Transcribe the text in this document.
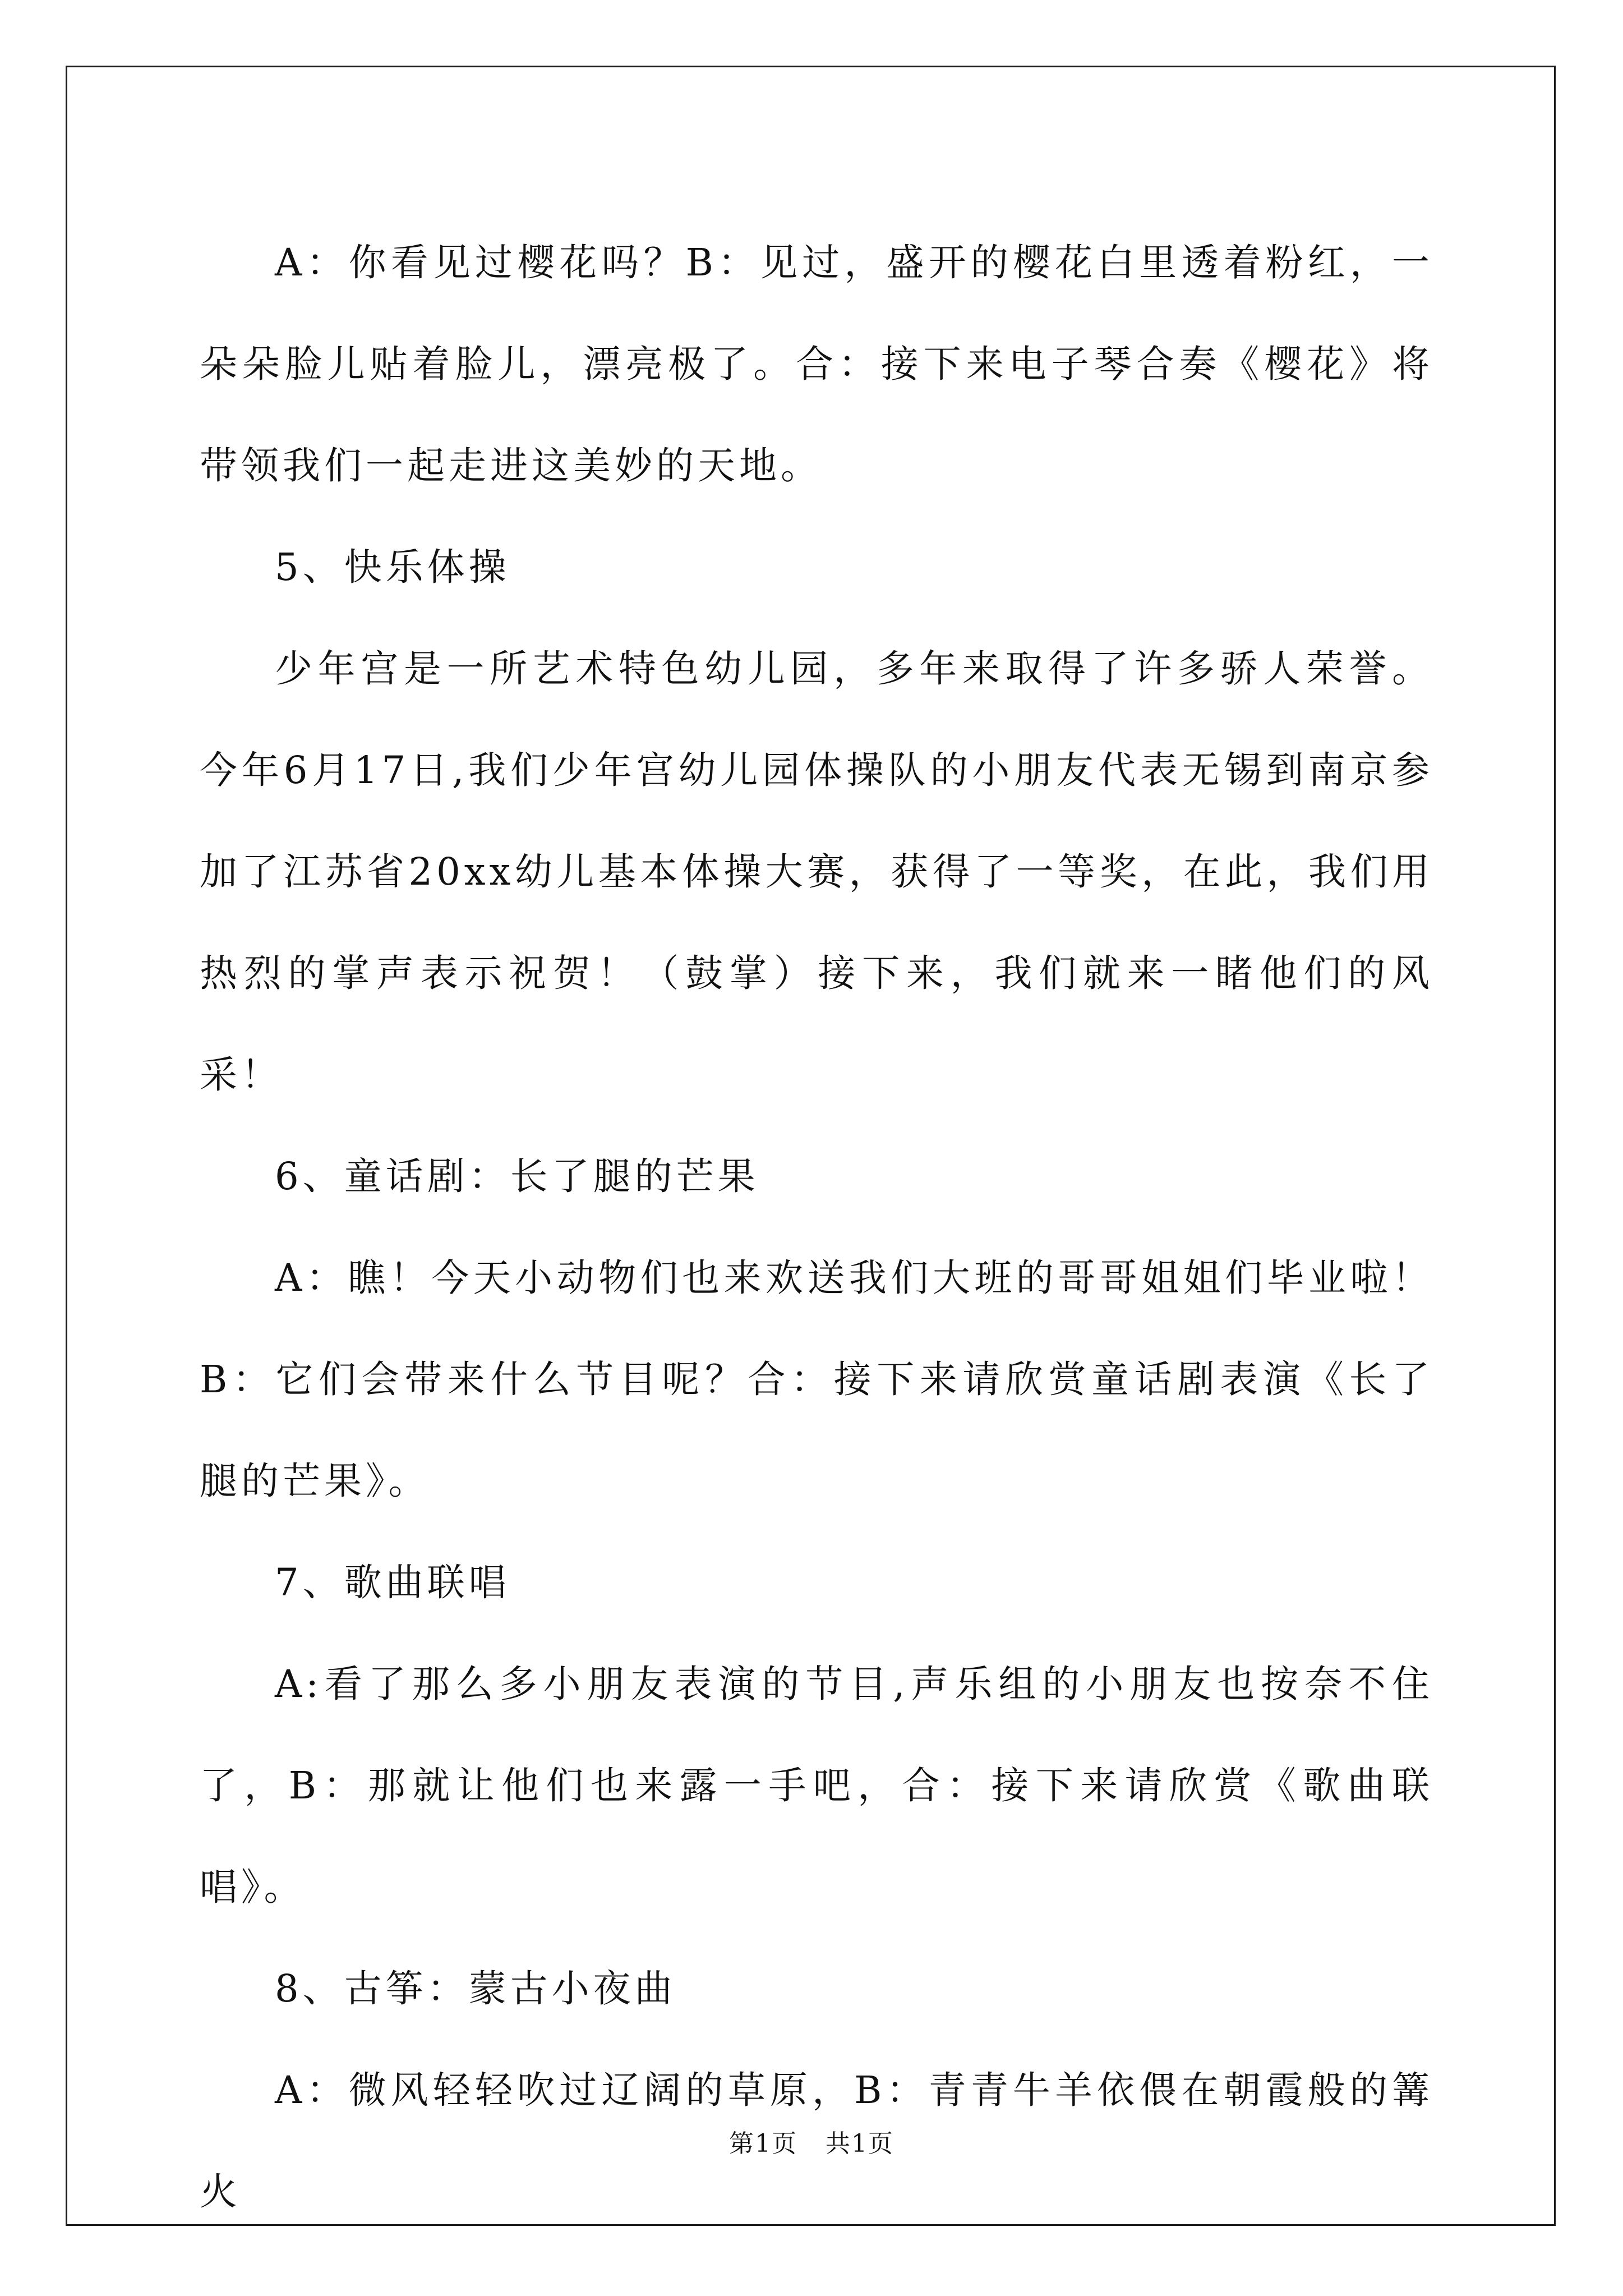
A：你看见过樱花吗？B：见过，盛开的樱花白里透着粉红，一朵朵脸儿贴着脸儿，漂亮极了。合：接下来电子琴合奏《樱花》将带领我们一起走进这美妙的天地。

5、快乐体操

少年宫是一所艺术特色幼儿园，多年来取得了许多骄人荣誉。今年6月17日,我们少年宫幼儿园体操队的小朋友代表无锡到南京参加了江苏省20xx幼儿基本体操大赛，获得了一等奖，在此，我们用热烈的掌声表示祝贺！（鼓掌）接下来，我们就来一睹他们的风采！

6、童话剧：长了腿的芒果

A：瞧！今天小动物们也来欢送我们大班的哥哥姐姐们毕业啦！B：它们会带来什么节目呢？合：接下来请欣赏童话剧表演《长了腿的芒果》。

7、歌曲联唱

A:看了那么多小朋友表演的节目,声乐组的小朋友也按奈不住了，B：那就让他们也来露一手吧，合：接下来请欣赏《歌曲联唱》。

8、古筝：蒙古小夜曲

A：微风轻轻吹过辽阔的草原，B：青青牛羊依偎在朝霞般的篝火

第1页 共1页
